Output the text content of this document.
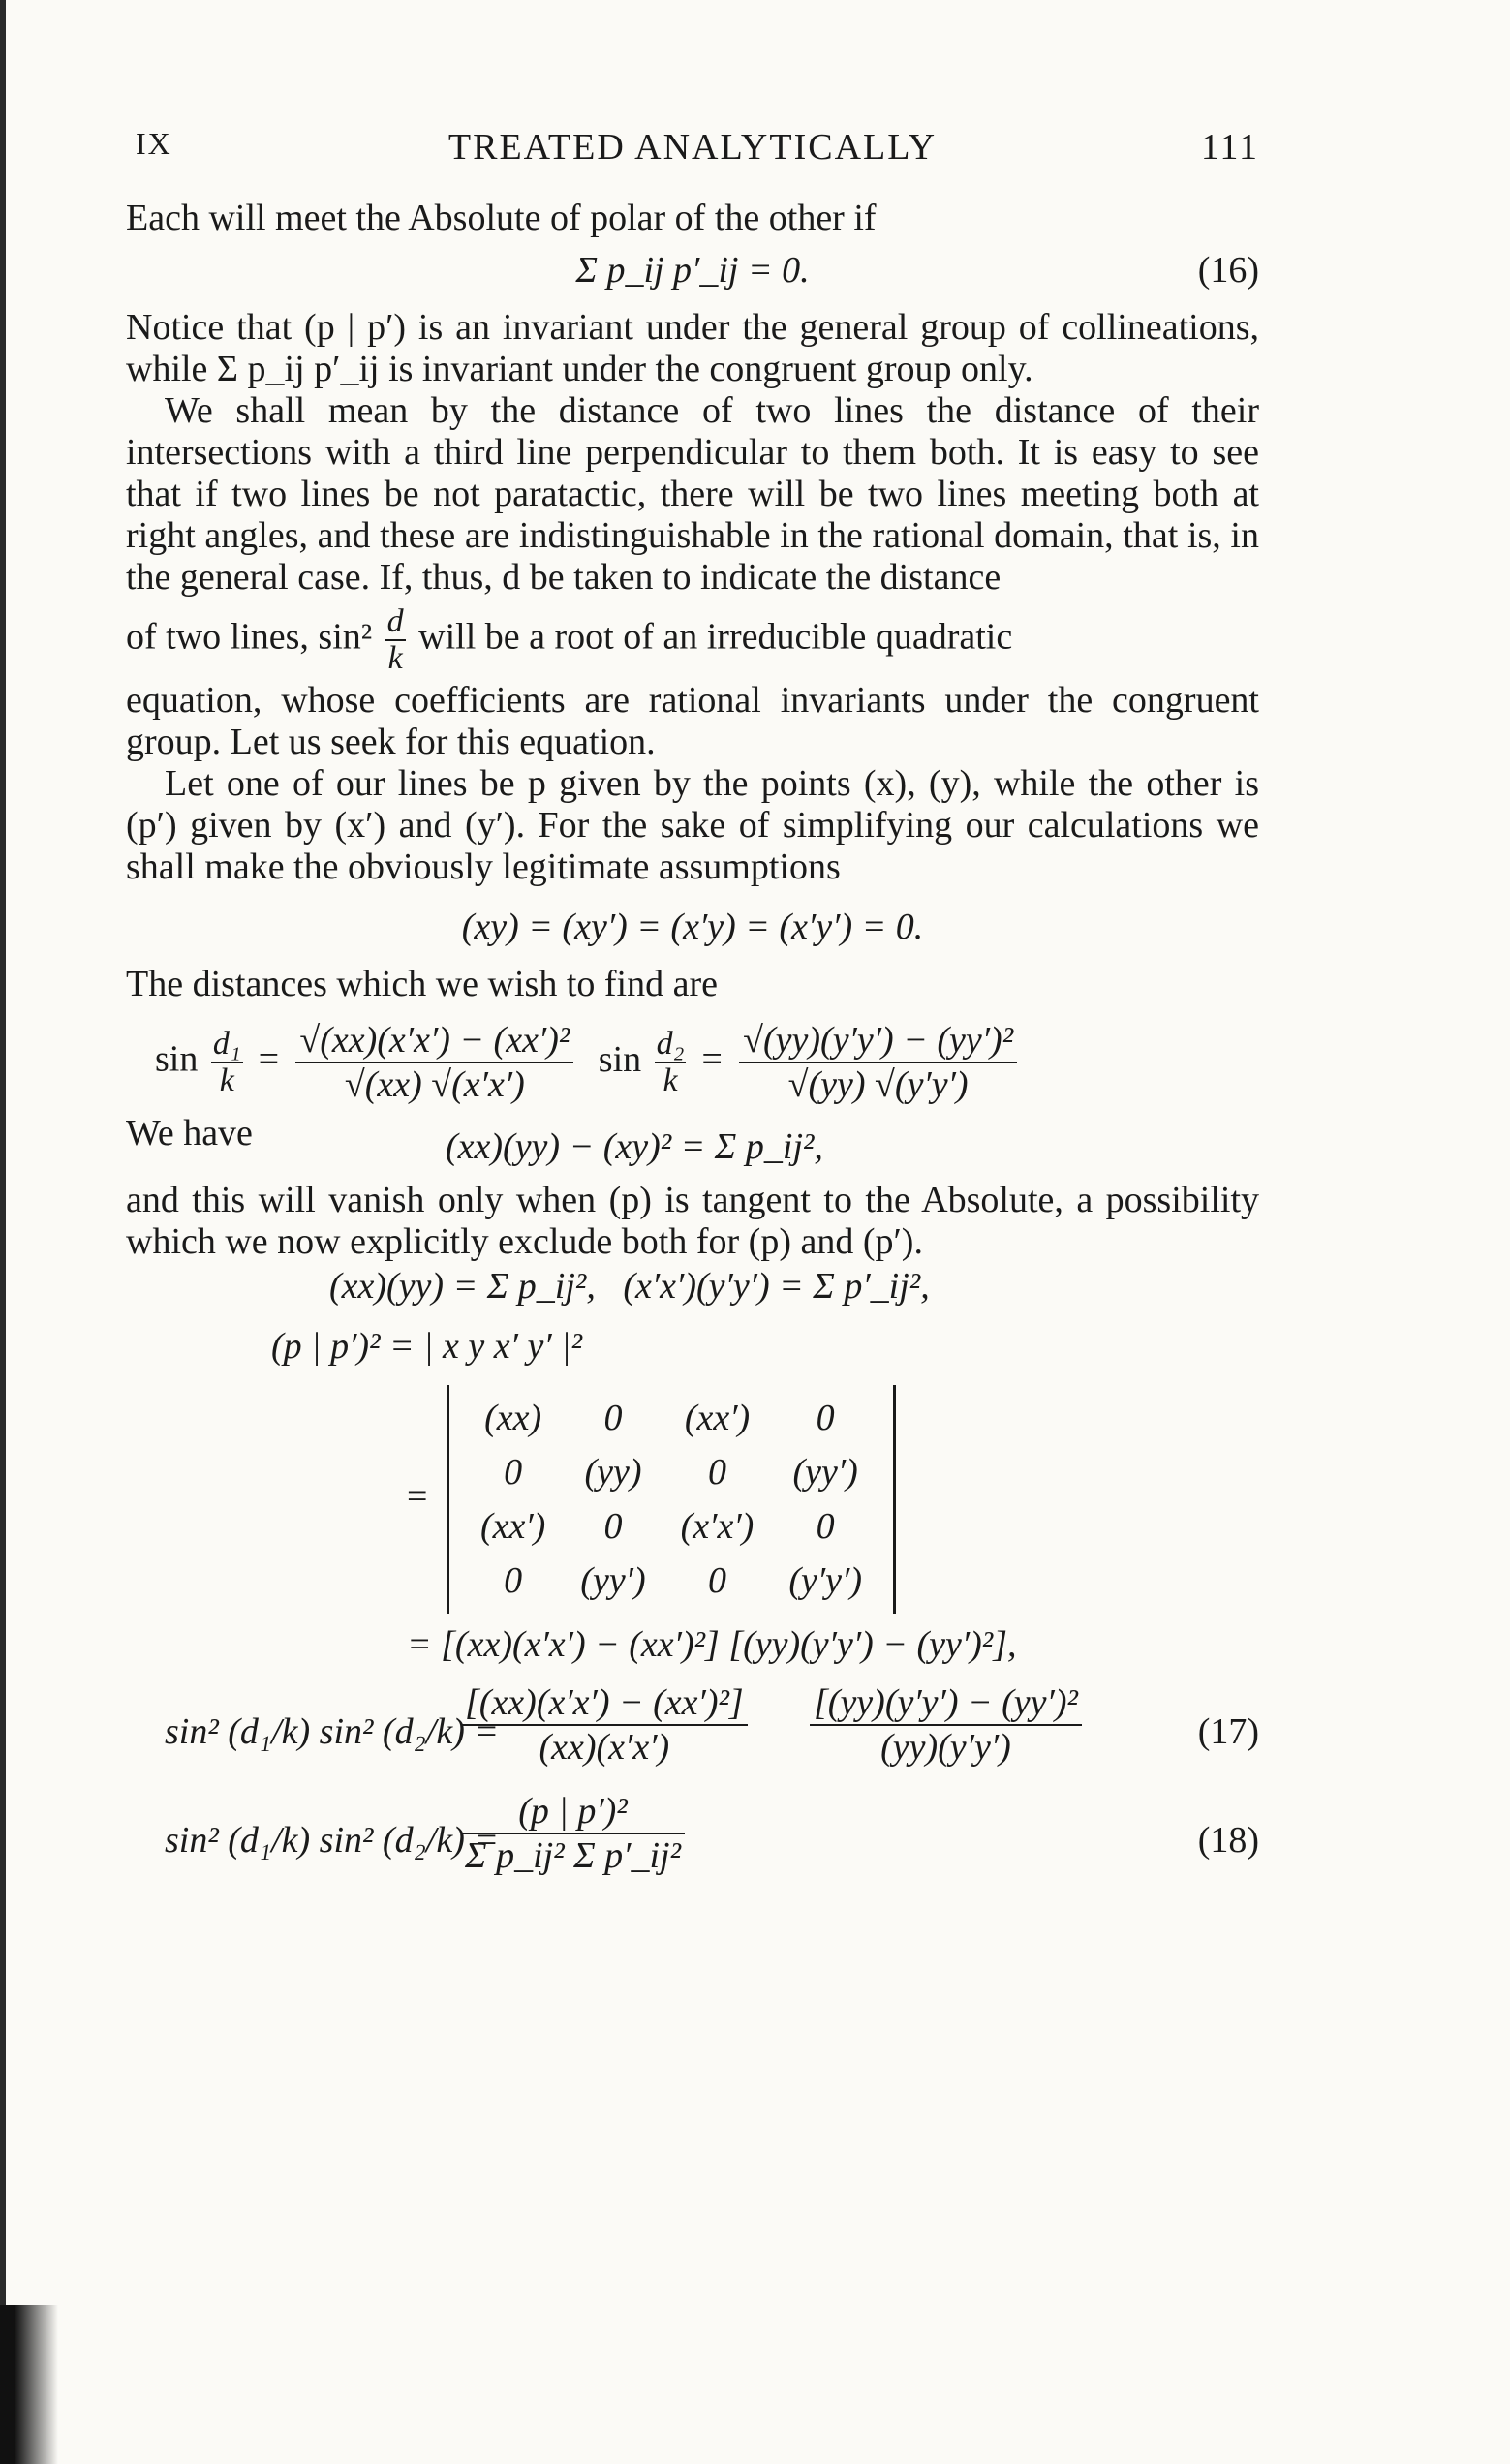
IX	TREATED ANALYTICALLY	111

Each will meet the Absolute of polar of the other if

Σ p_ij p′_ij = 0.	(16)

Notice that (p | p′) is an invariant under the general group of collineations, while Σ p_ij p′_ij is invariant under the congruent group only.

We shall mean by the distance of two lines the distance of their intersections with a third line perpendicular to them both. It is easy to see that if two lines be not paratactic, there will be two lines meeting both at right angles, and these are indistinguishable in the rational domain, that is, in the general case. If, thus, d be taken to indicate the distance

of two lines, $\sin^2 \frac{d}{k}$ will be a root of an irreducible quadratic

equation, whose coefficients are rational invariants under the congruent group. Let us seek for this equation.

Let one of our lines be p given by the points (x), (y), while the other is (p′) given by (x′) and (y′). For the sake of simplifying our calculations we shall make the obviously legitimate assumptions

(xy) = (xy′) = (x′y) = (x′y′) = 0.

The distances which we wish to find are

$\sin \frac{\text{d₁}}{k} = \frac{\text{√(xx)(x′x′) − (xx′)²}}{√(xx) √(x'x')}$ $\sin \frac{\text{d₂}}{k} = \frac{\text{√(yy)(y′y′) − (yy′)²}}{√(yy) √(y'y')}$
We have	(xx)(yy) − (xy)² = Σ p_ij²,

and this will vanish only when (p) is tangent to the Absolute, a possibility which we now explicitly exclude both for (p) and (p′).

(xx)(yy) = Σ p_ij²,   (x′x′)(y′y′) = Σ p′_ij²,
(p | p′)² = | x y x′ y′ |²
=
(xx)	0	(xx′)	0
0	(yy)	0	(yy′)
(xx′)	0	(x′x′)	0
0	(yy′)	0	(y′y′)
= [(xx)(x′x′) − (xx′)²] [(yy)(y′y′) − (yy′)²],
sin² (d₁/k) sin² (d₂/k) =
$\frac{\text{[(xx)(x′x′) − (xx′)²]}}{(xx)(x'x')} \frac{\text{[(yy)(y′y′) − (yy′)²}}{(yy)(y'y')}$	(17)
sin² (d₁/k) sin² (d₂/k) =
$\frac{\text{(p | p′)²}}{\text{Σ p\_ij² Σ p′\_ij²}}$	(18)
